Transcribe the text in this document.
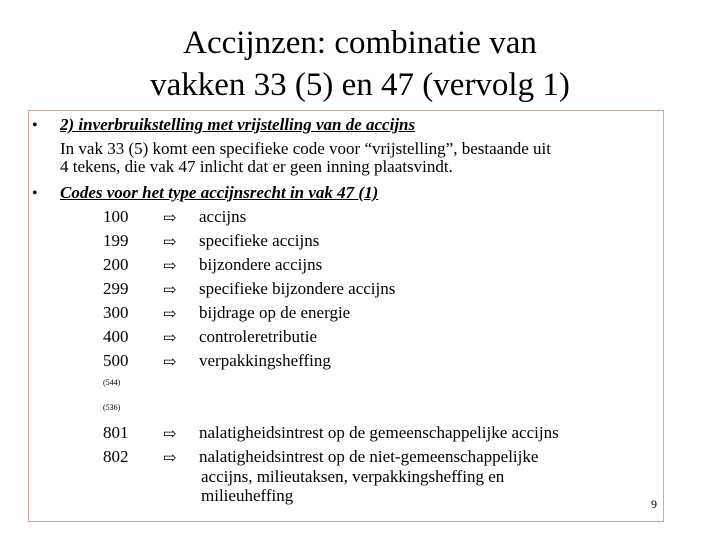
Accijnzen: combinatie van
vakken 33 (5) en 47 (vervolg 1)
• 2) inverbruikstelling met vrijstelling van de accijns
In vak 33 (5) komt een specifieke code voor “vrijstelling”, bestaande uit
4 tekens, die vak 47 inlicht dat er geen inning plaatsvindt.
• Codes voor het type accijnsrecht in vak 47 (1)
100 ⇨ accijns
199 ⇨ specifieke accijns
200 ⇨ bijzondere accijns
299 ⇨ specifieke bijzondere accijns
300 ⇨ bijdrage op de energie
400 ⇨ controleretributie
500 ⇨ verpakkingsheffing
(544)
(536)
801 ⇨ nalatigheidsintrest op de gemeenschappelijke accijns
802 ⇨ nalatigheidsintrest op de niet-gemeenschappelijke
accijns, milieutaksen, verpakkingsheffing en
milieuheffing	9
